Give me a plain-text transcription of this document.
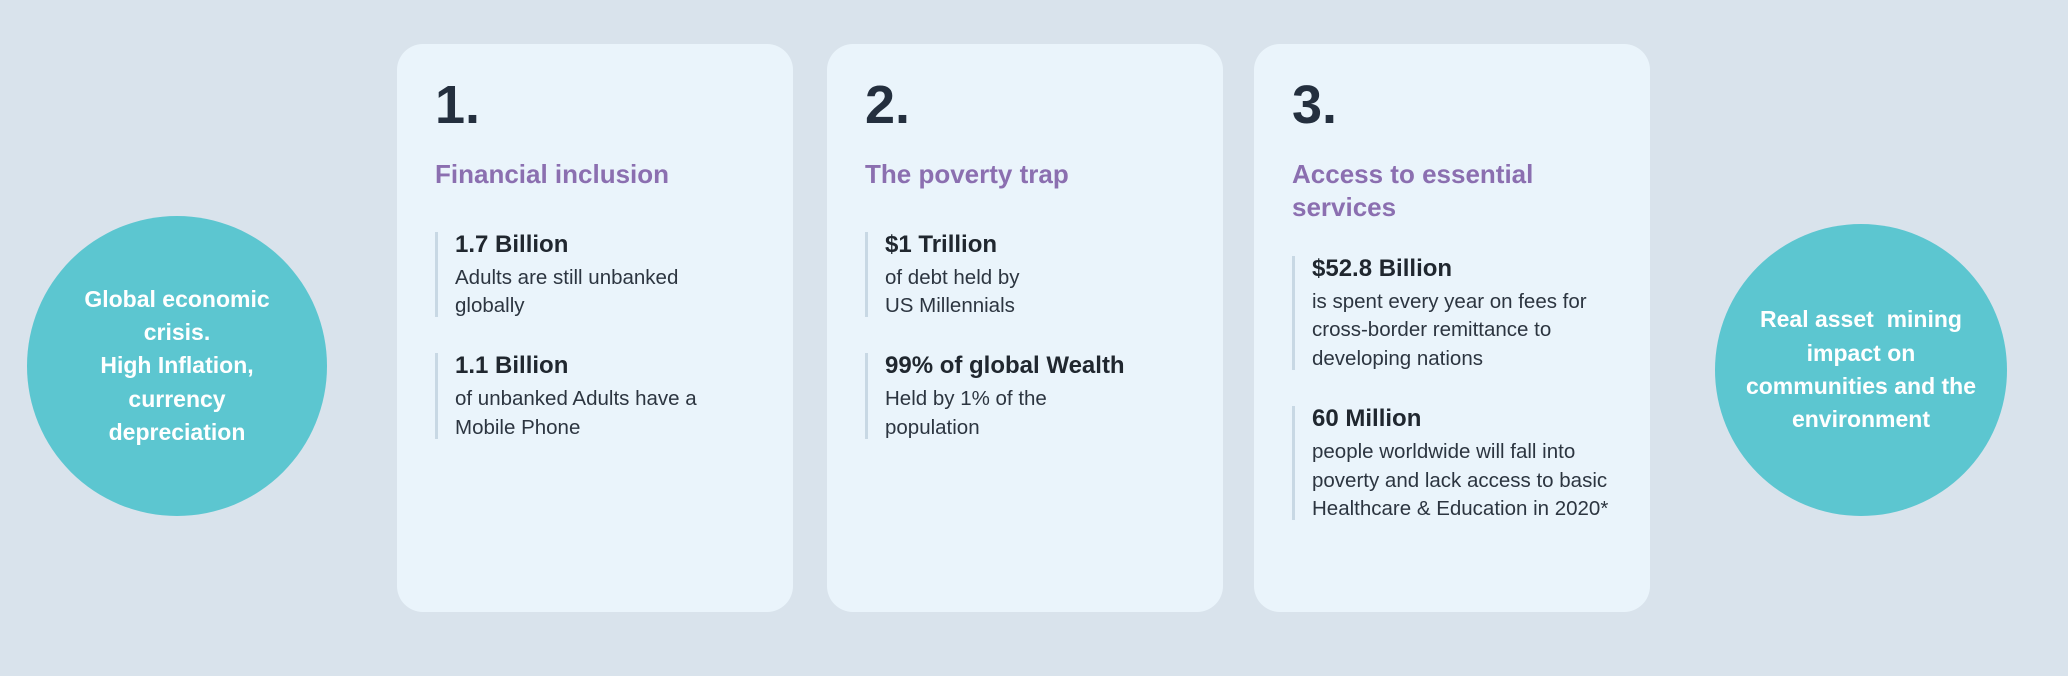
Global economic
crisis.
High Inflation,
currency
depreciation
1.
Financial inclusion
1.7 Billion
Adults are still unbanked
globally
1.1 Billion
of unbanked Adults have a
Mobile Phone
2.
The poverty trap
$1 Trillion
of debt held by
US Millennials
99% of global Wealth
Held by 1% of the
population
3.
Access to essential services
$52.8 Billion
is spent every year on fees for
cross-border remittance to
developing nations
60 Million
people worldwide will fall into
poverty and lack access to basic
Healthcare & Education in 2020*
Real asset  mining
impact on
communities and the
environment
